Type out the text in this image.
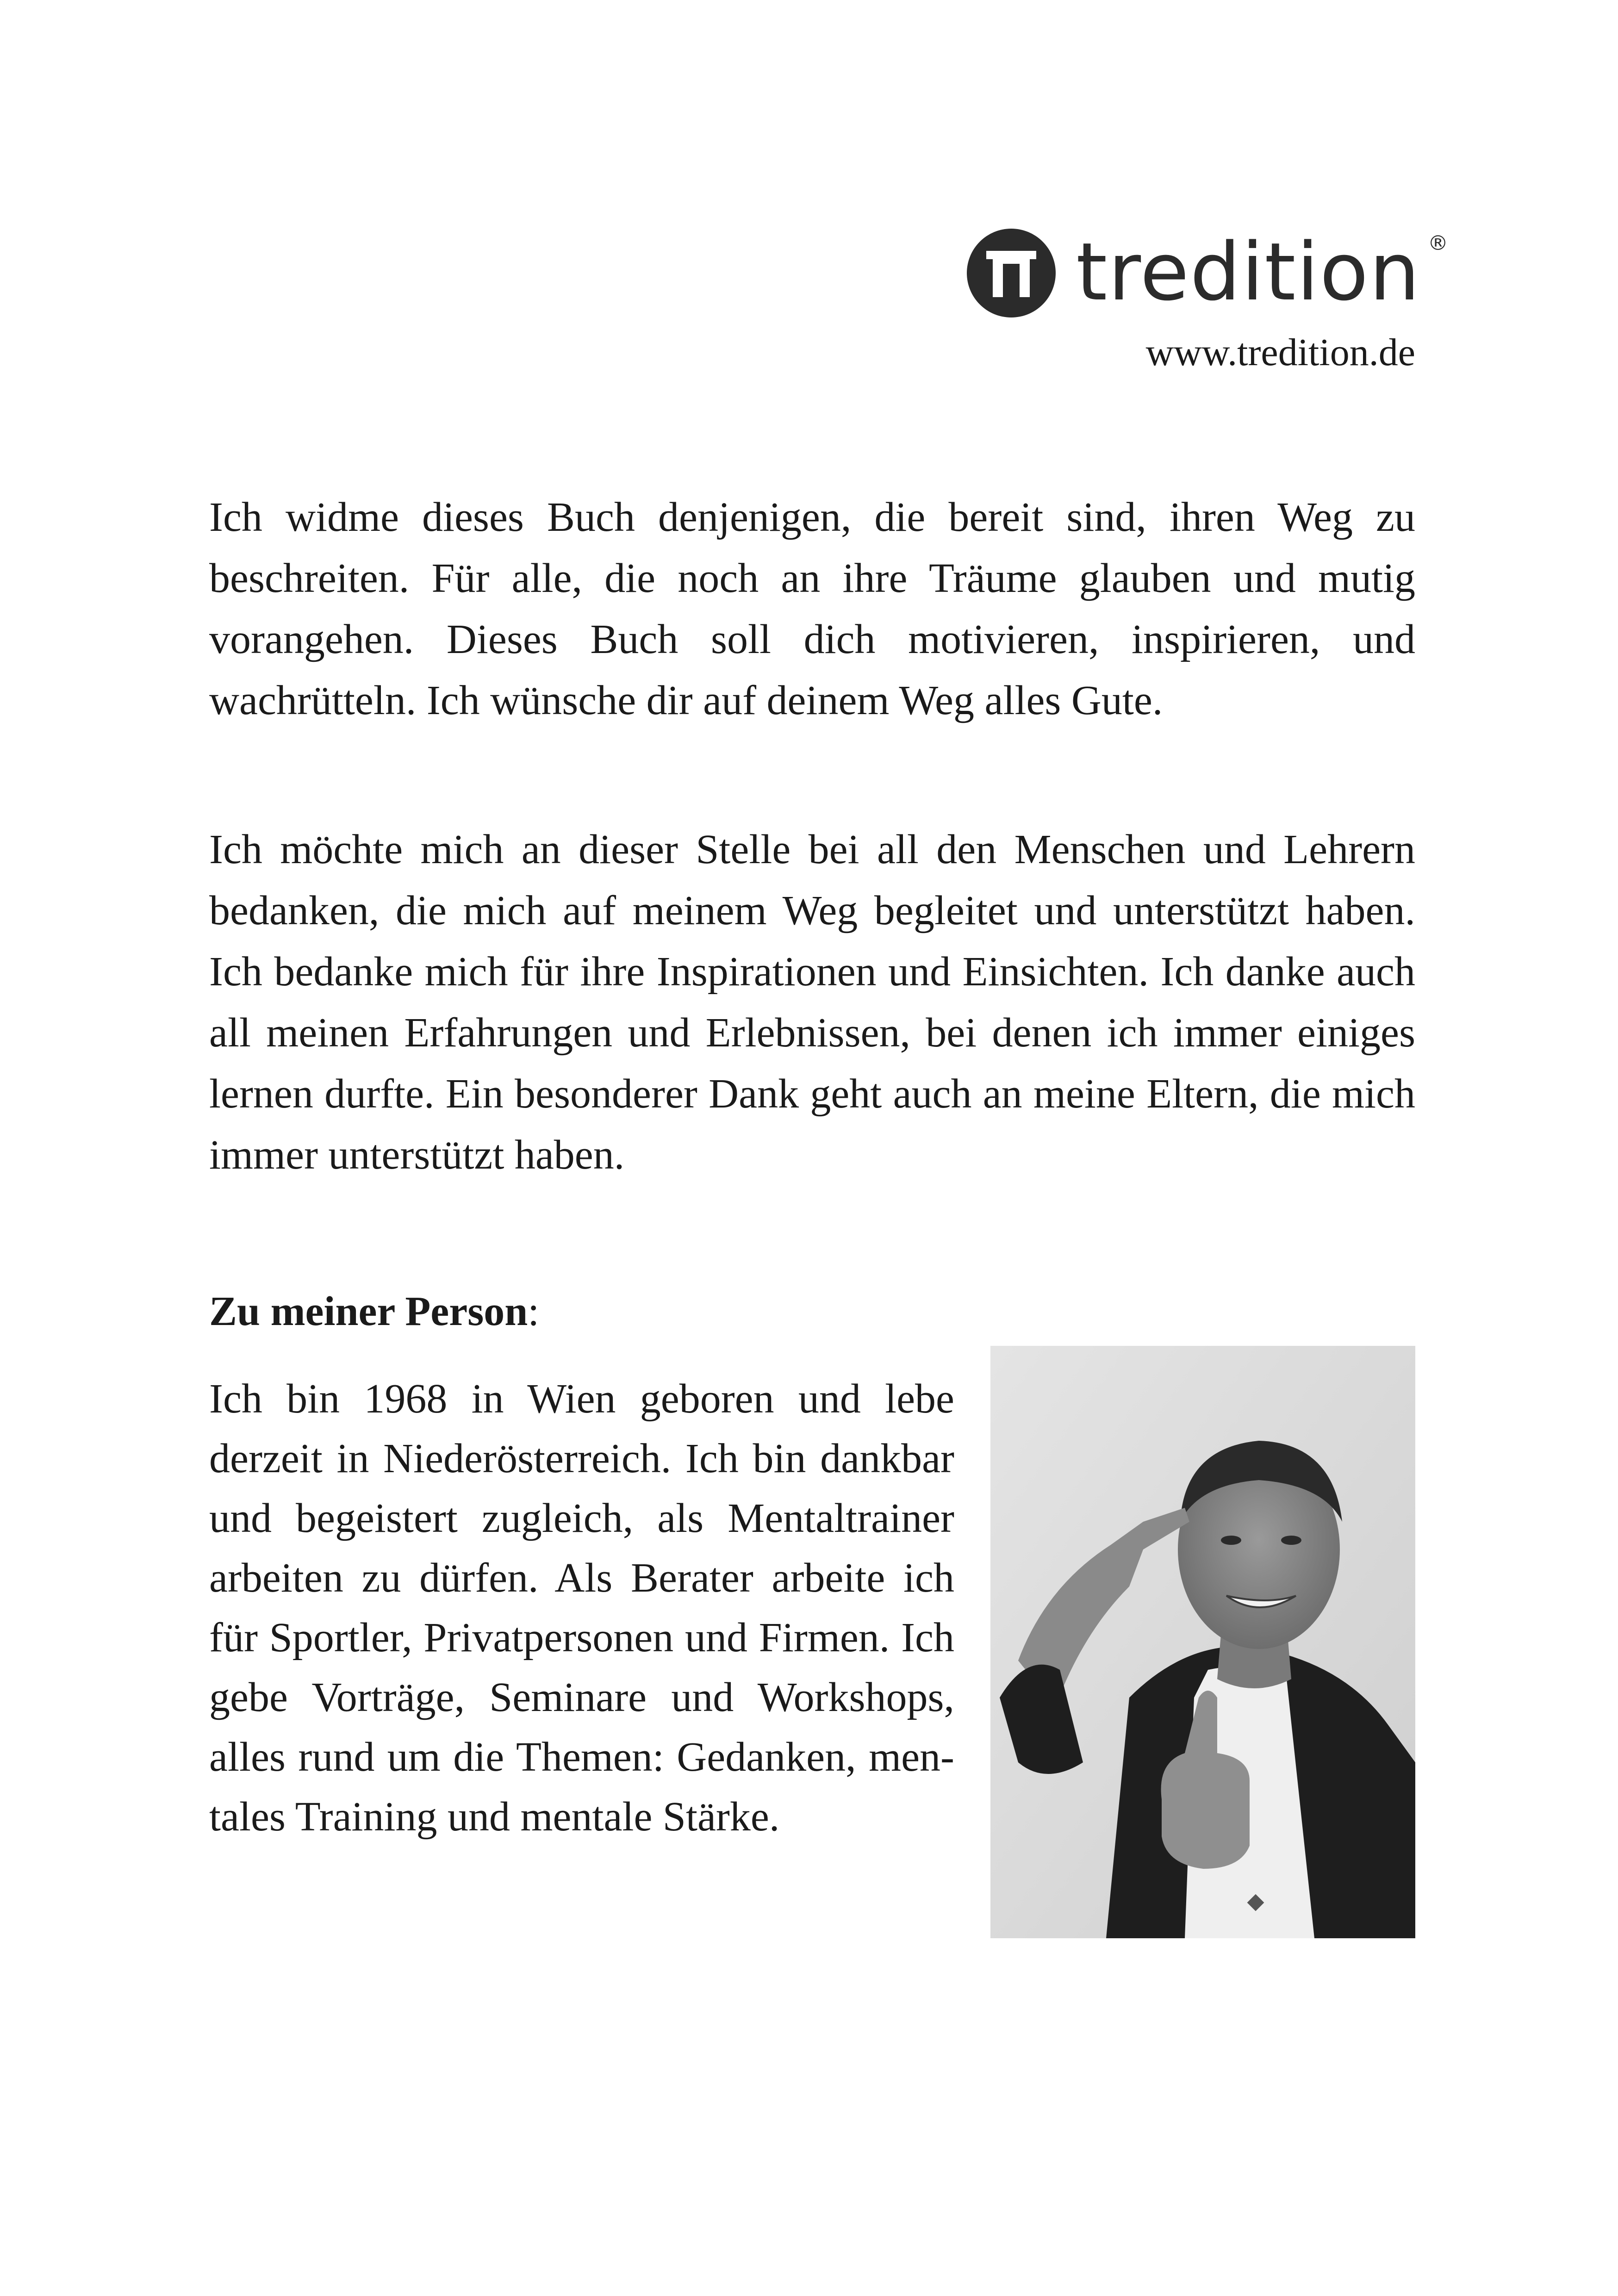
tredition ®
www.tredition.de

Ich widme dieses Buch denjenigen, die bereit sind, ihren Weg zu beschreiten. Für alle, die noch an ihre Träume glauben und mutig vorangehen. Dieses Buch soll dich motivieren, inspirieren, und wachrütteln. Ich wünsche dir auf deinem Weg alles Gute.

Ich möchte mich an dieser Stelle bei all den Menschen und Lehrern bedanken, die mich auf meinem Weg begleitet und unterstützt haben. Ich bedanke mich für ihre Inspirationen und Einsichten. Ich danke auch all meinen Erfahrungen und Erlebnissen, bei denen ich immer einiges lernen durfte. Ein besonderer Dank geht auch an meine Eltern, die mich immer unterstützt haben.

Zu meiner Person:

Ich bin 1968 in Wien geboren und lebe derzeit in Niederösterreich. Ich bin dankbar und begeistert zugleich, als Mentaltrainer arbeiten zu dürfen. Als Berater arbeite ich für Sportler, Privatpersonen und Firmen. Ich gebe Vorträge, Seminare und Workshops, alles rund um die Themen: Gedanken, mentales Training und mentale Stärke.
